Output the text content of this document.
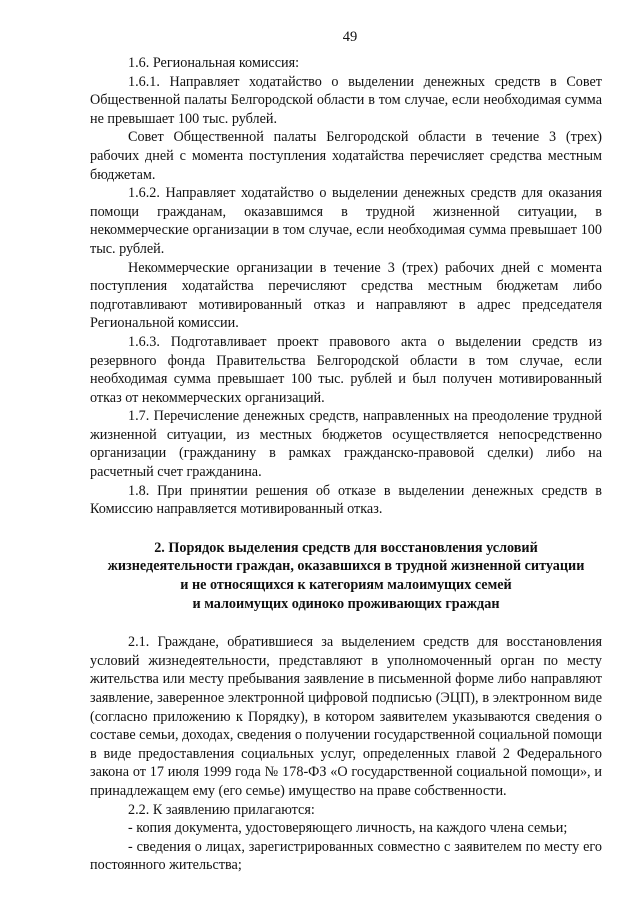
49

1.6. Региональная комиссия:

1.6.1. Направляет ходатайство о выделении денежных средств в Совет Общественной палаты Белгородской области в том случае, если необходимая сумма не превышает 100 тыс. рублей.

Совет Общественной палаты Белгородской области в течение 3 (трех) рабочих дней с момента поступления ходатайства перечисляет средства местным бюджетам.

1.6.2. Направляет ходатайство о выделении денежных средств для оказания помощи гражданам, оказавшимся в трудной жизненной ситуации, в некоммерческие организации в том случае, если необходимая сумма превышает 100 тыс. рублей.

Некоммерческие организации в течение 3 (трех) рабочих дней с момента поступления ходатайства перечисляют средства местным бюджетам либо подготавливают мотивированный отказ и направляют в адрес председателя Региональной комиссии.

1.6.3. Подготавливает проект правового акта о выделении средств из резервного фонда Правительства Белгородской области в том случае, если необходимая сумма превышает 100 тыс. рублей и был получен мотивированный отказ от некоммерческих организаций.

1.7. Перечисление денежных средств, направленных на преодоление трудной жизненной ситуации, из местных бюджетов осуществляется непосредственно организации (гражданину в рамках гражданско-правовой сделки) либо на расчетный счет гражданина.

1.8. При принятии решения об отказе в выделении денежных средств в Комиссию направляется мотивированный отказ.

2. Порядок выделения средств для восстановления условий
жизнедеятельности граждан, оказавшихся в трудной жизненной ситуации
и не относящихся к категориям малоимущих семей
и малоимущих одиноко проживающих граждан

2.1. Граждане, обратившиеся за выделением средств для восстановления условий жизнедеятельности, представляют в уполномоченный орган по месту жительства или месту пребывания заявление в письменной форме либо направляют заявление, заверенное электронной цифровой подписью (ЭЦП), в электронном виде (согласно приложению к Порядку), в котором заявителем указываются сведения о составе семьи, доходах, сведения о получении государственной социальной помощи в виде предоставления социальных услуг, определенных главой 2 Федерального закона от 17 июля 1999 года № 178-ФЗ «О государственной социальной помощи», и принадлежащем ему (его семье) имущество на праве собственности.

2.2. К заявлению прилагаются:

- копия документа, удостоверяющего личность, на каждого члена семьи;

- сведения о лицах, зарегистрированных совместно с заявителем по месту его постоянного жительства;
